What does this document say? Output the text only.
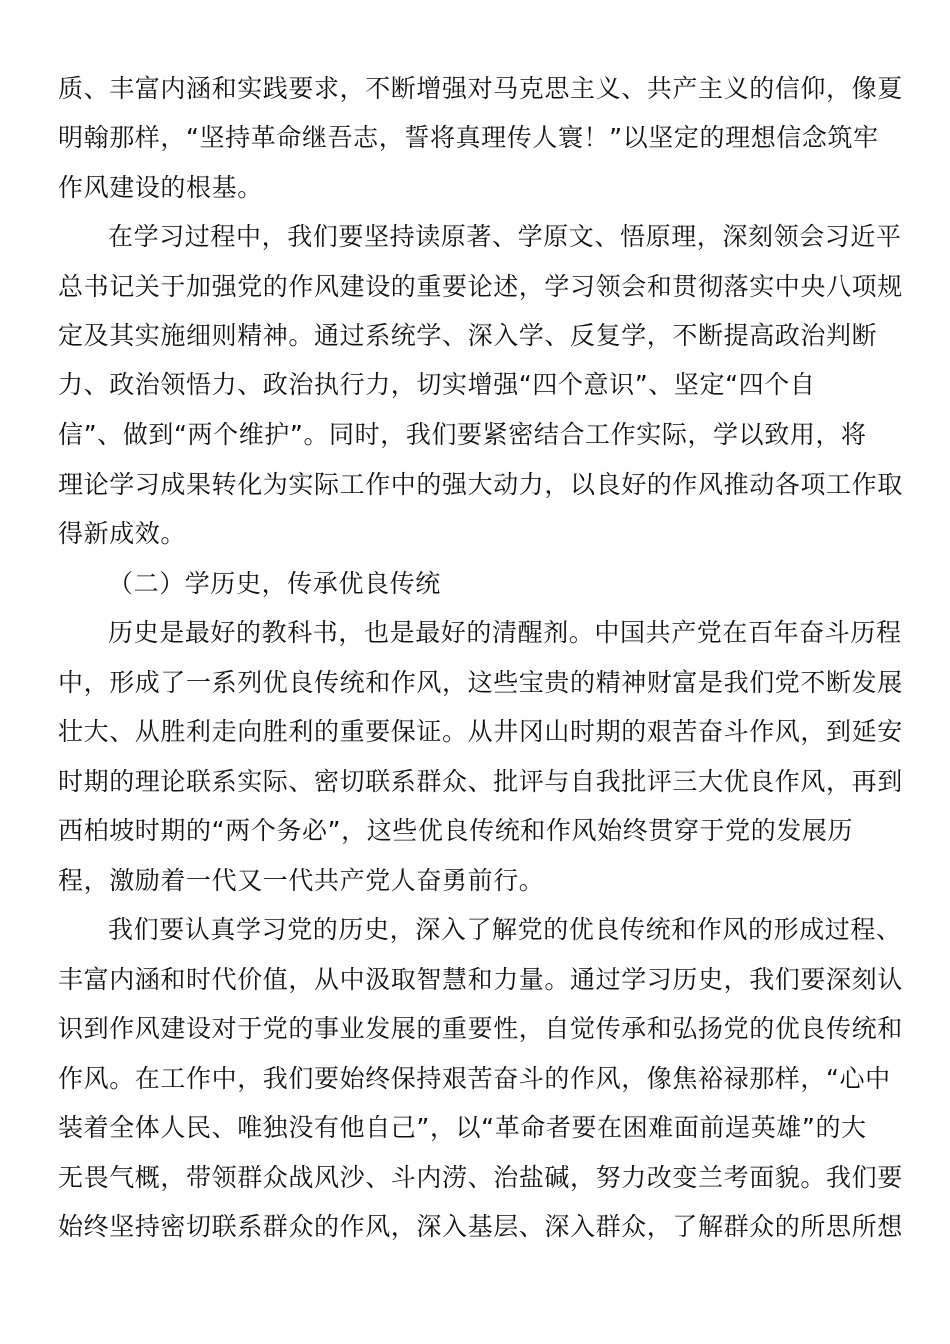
质、丰富内涵和实践要求，不断增强对马克思主义、共产主义的信仰，像夏
明翰那样，“坚持革命继吾志，誓将真理传人寰！”以坚定的理想信念筑牢
作风建设的根基。
在学习过程中，我们要坚持读原著、学原文、悟原理，深刻领会习近平
总书记关于加强党的作风建设的重要论述，学习领会和贯彻落实中央八项规
定及其实施细则精神。通过系统学、深入学、反复学，不断提高政治判断
力、政治领悟力、政治执行力，切实增强“四个意识”、坚定“四个自
信”、做到“两个维护”。同时，我们要紧密结合工作实际，学以致用，将
理论学习成果转化为实际工作中的强大动力，以良好的作风推动各项工作取
得新成效。
（二）学历史，传承优良传统
历史是最好的教科书，也是最好的清醒剂。中国共产党在百年奋斗历程
中，形成了一系列优良传统和作风，这些宝贵的精神财富是我们党不断发展
壮大、从胜利走向胜利的重要保证。从井冈山时期的艰苦奋斗作风，到延安
时期的理论联系实际、密切联系群众、批评与自我批评三大优良作风，再到
西柏坡时期的“两个务必”，这些优良传统和作风始终贯穿于党的发展历
程，激励着一代又一代共产党人奋勇前行。
我们要认真学习党的历史，深入了解党的优良传统和作风的形成过程、
丰富内涵和时代价值，从中汲取智慧和力量。通过学习历史，我们要深刻认
识到作风建设对于党的事业发展的重要性，自觉传承和弘扬党的优良传统和
作风。在工作中，我们要始终保持艰苦奋斗的作风，像焦裕禄那样，“心中
装着全体人民、唯独没有他自己”，以“革命者要在困难面前逞英雄”的大
无畏气概，带领群众战风沙、斗内涝、治盐碱，努力改变兰考面貌。我们要
始终坚持密切联系群众的作风，深入基层、深入群众，了解群众的所思所想
